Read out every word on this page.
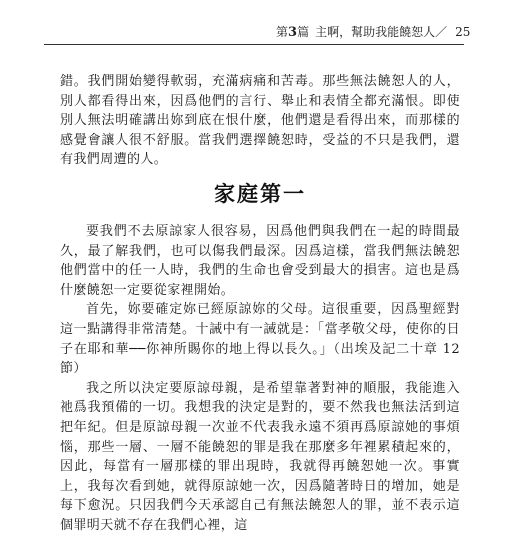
第3篇 主啊，幫助我能饒恕人／ 25

錯。我們開始變得軟弱，充滿病痛和苦毒。那些無法饒恕人的人，別人都看得出來，因爲他們的言行、舉止和表情全都充滿恨。即使別人無法明確講出妳到底在恨什麼，他們還是看得出來，而那樣的感覺會讓人很不舒服。當我們選擇饒恕時，受益的不只是我們，還有我們周遭的人。

家庭第一

要我們不去原諒家人很容易，因爲他們與我們在一起的時間最久，最了解我們，也可以傷我們最深。因爲這樣，當我們無法饒恕他們當中的任一人時，我們的生命也會受到最大的損害。這也是爲什麼饒恕一定要從家裡開始。

首先，妳要確定妳已經原諒妳的父母。這很重要，因爲聖經對這一點講得非常清楚。十誡中有一誡就是：「當孝敬父母，使你的日子在耶和華──你神所賜你的地上得以長久。」（出埃及記二十章 12 節）

我之所以決定要原諒母親，是希望靠著對神的順服，我能進入祂爲我預備的一切。我想我的決定是對的，要不然我也無法活到這把年紀。但是原諒母親一次並不代表我永遠不須再爲原諒她的事煩惱，那些一層、一層不能饒恕的罪是我在那麼多年裡累積起來的，因此，每當有一層那樣的罪出現時，我就得再饒恕她一次。事實上，我每次看到她，就得原諒她一次，因爲隨著時日的增加，她是每下愈況。只因我們今天承認自己有無法饒恕人的罪，並不表示這個罪明天就不存在我們心裡，這
